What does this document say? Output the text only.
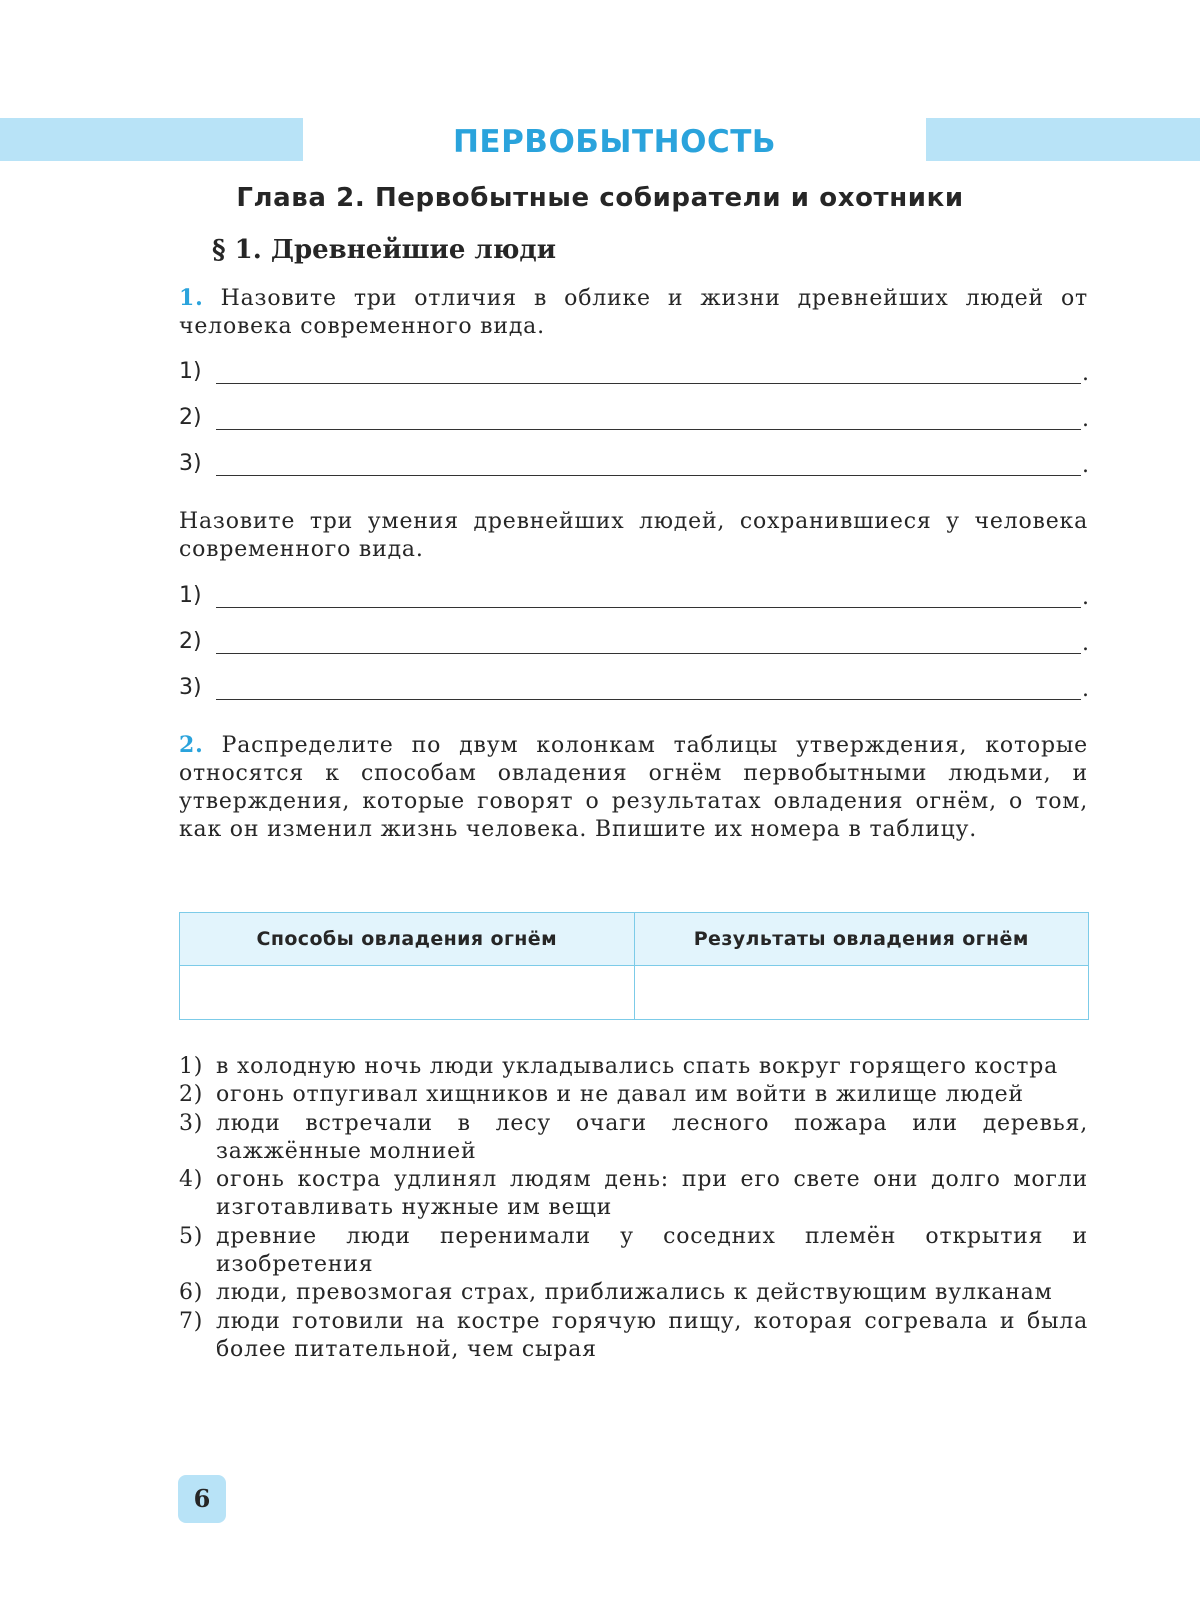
ПЕРВОБЫТНОСТЬ
Глава 2. Первобытные собиратели и охотники
§ 1. Древнейшие люди
1. Назовите три отличия в облике и жизни древнейших людей от человека современного вида.
1)	.
2)	.
3)	.
Назовите три умения древнейших людей, сохранившиеся у человека современного вида.
1)	.
2)	.
3)	.
2. Распределите по двум колонкам таблицы утверждения, которые относятся к способам овладения огнём первобытными людьми, и утверждения, которые говорят о результатах овладения огнём, о том, как он изменил жизнь человека. Впишите их номера в таблицу.
Способы овладения огнём	Результаты овладения огнём

1) в холодную ночь люди укладывались спать вокруг горящего костра
2) огонь отпугивал хищников и не давал им войти в жилище людей
3) люди встречали в лесу очаги лесного пожара или деревья, зажжённые молнией
4) огонь костра удлинял людям день: при его свете они долго могли изготавливать нужные им вещи
5) древние люди перенимали у соседних племён открытия и изобретения
6) люди, превозмогая страх, приближались к действующим вулканам
7) люди готовили на костре горячую пищу, которая согревала и была более питательной, чем сырая
6
